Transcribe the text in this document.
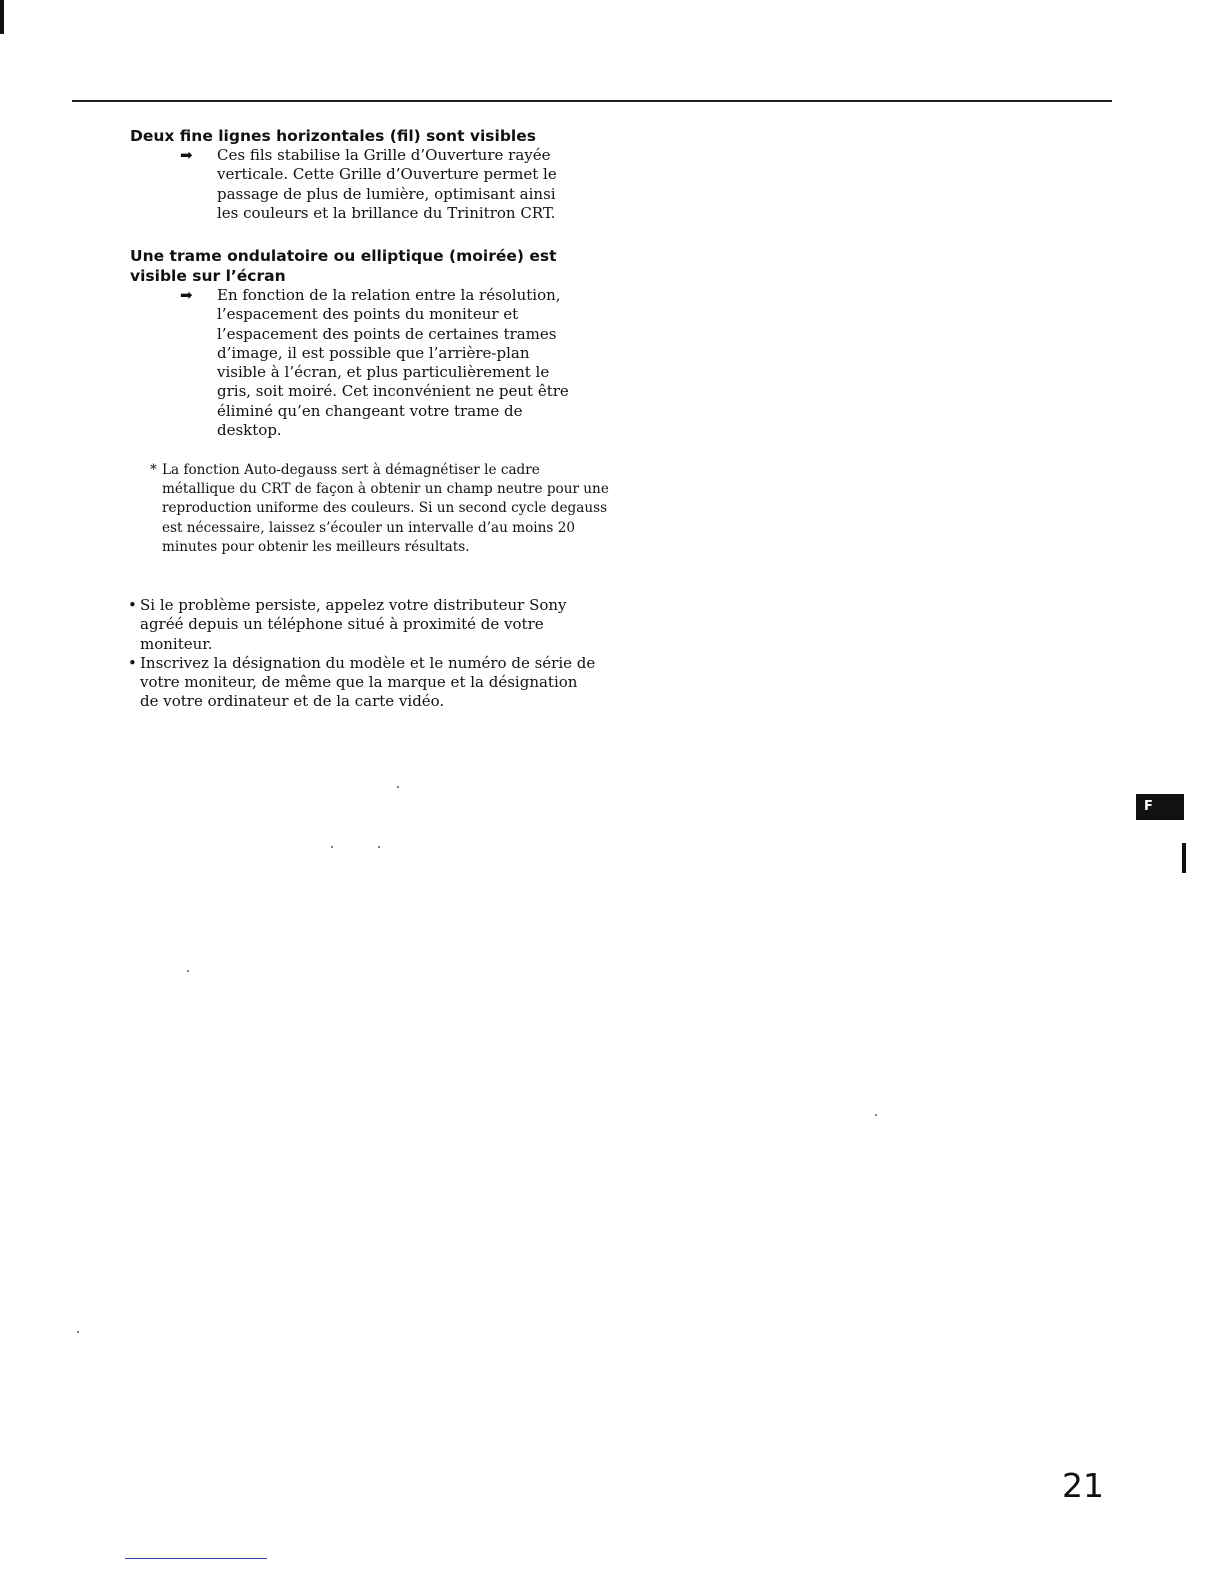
Deux fine lignes horizontales (fil) sont visibles

➡ Ces fils stabilise la Grille d’Ouverture rayée verticale. Cette Grille d’Ouverture permet le passage de plus de lumière, optimisant ainsi les couleurs et la brillance du Trinitron CRT.

Une trame ondulatoire ou elliptique (moirée) est visible sur l’écran

➡ En fonction de la relation entre la résolution, l’espacement des points du moniteur et l’espacement des points de certaines trames d’image, il est possible que l’arrière-plan visible à l’écran, et plus particulièrement le gris, soit moiré. Cet inconvénient ne peut être éliminé qu’en changeant votre trame de desktop.
* La fonction Auto-degauss sert à démagnétiser le cadre métallique du CRT de façon à obtenir un champ neutre pour une reproduction uniforme des couleurs. Si un second cycle degauss est nécessaire, laissez s’écouler un intervalle d’au moins 20 minutes pour obtenir les meilleurs résultats.
• Si le problème persiste, appelez votre distributeur Sony agréé depuis un téléphone situé à proximité de votre moniteur.
• Inscrivez la désignation du modèle et le numéro de série de votre moniteur, de même que la marque et la désignation de votre ordinateur et de la carte vidéo.
F
21
